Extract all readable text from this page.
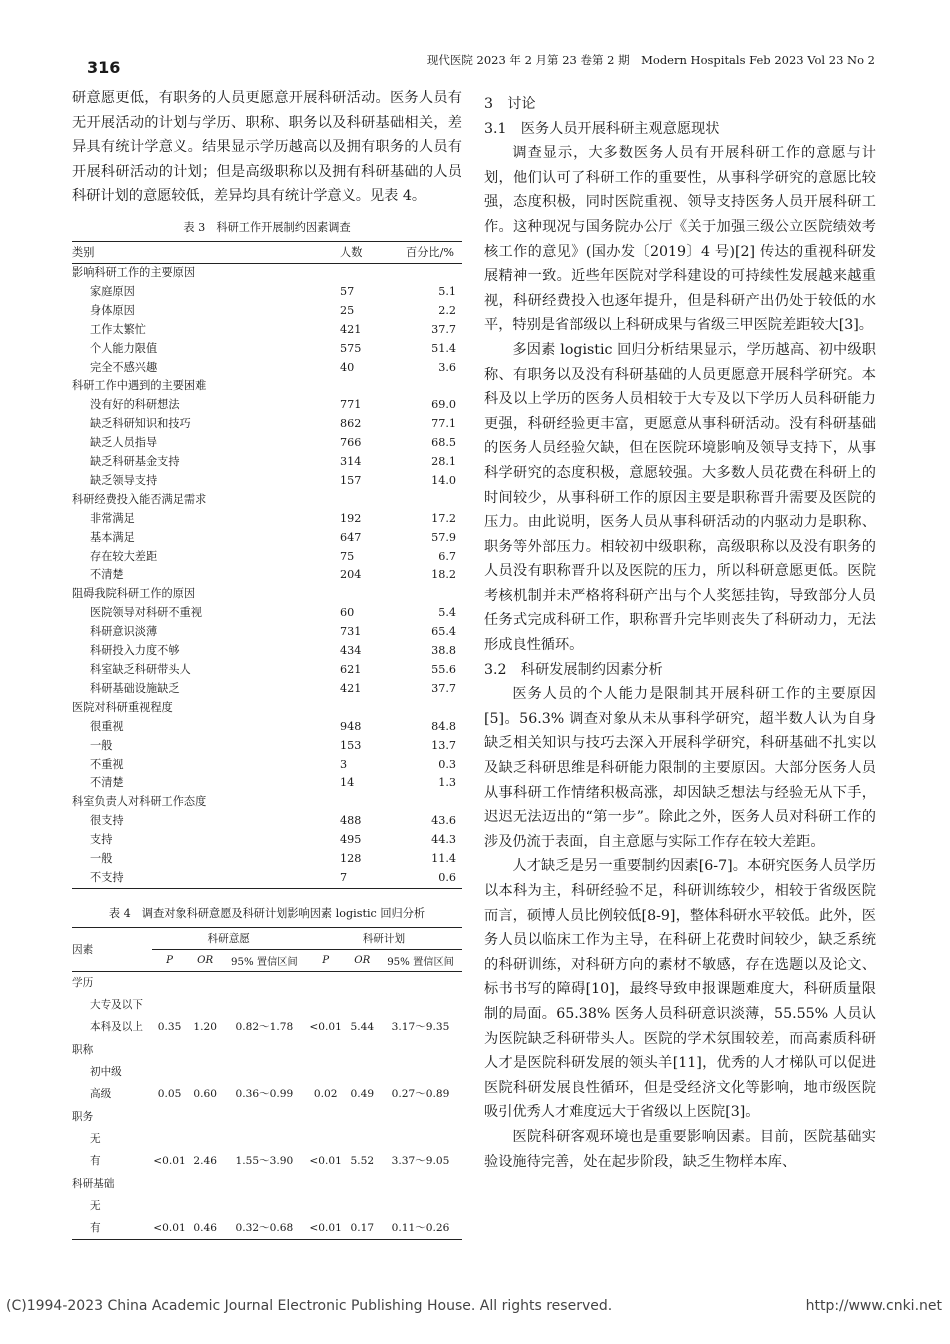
316	现代医院 2023 年 2 月第 23 卷第 2 期　Modern Hospitals Feb 2023 Vol 23 No 2

研意愿更低，有职务的人员更愿意开展科研活动。医务人员有无开展活动的计划与学历、职称、职务以及科研基础相关，差异具有统计学意义。结果显示学历越高以及拥有职务的人员有开展科研活动的计划；但是高级职称以及拥有科研基础的人员科研计划的意愿较低，差异均具有统计学意义。见表 4。

表 3　科研工作开展制约因素调查
类别	人数	百分比/%
影响科研工作的主要原因		
家庭原因	57	5.1
身体原因	25	2.2
工作太繁忙	421	37.7
个人能力限值	575	51.4
完全不感兴趣	40	3.6
科研工作中遇到的主要困难		
没有好的科研想法	771	69.0
缺乏科研知识和技巧	862	77.1
缺乏人员指导	766	68.5
缺乏科研基金支持	314	28.1
缺乏领导支持	157	14.0
科研经费投入能否满足需求		
非常满足	192	17.2
基本满足	647	57.9
存在较大差距	75	6.7
不清楚	204	18.2
阻碍我院科研工作的原因		
医院领导对科研不重视	60	5.4
科研意识淡薄	731	65.4
科研投入力度不够	434	38.8
科室缺乏科研带头人	621	55.6
科研基础设施缺乏	421	37.7
医院对科研重视程度		
很重视	948	84.8
一般	153	13.7
不重视	3	0.3
不清楚	14	1.3
科室负责人对科研工作态度		
很支持	488	43.6
支持	495	44.3
一般	128	11.4
不支持	7	0.6
表 4　调查对象科研意愿及科研计划影响因素 logistic 回归分析
因素	科研意愿			科研计划		
	P	OR	95% 置信区间	P	OR	95% 置信区间
学历						
大专及以下						
本科及以上	0.35	1.20	0.82～1.78	<0.01	5.44	3.17～9.35
职称						
初中级						
高级	0.05	0.60	0.36～0.99	0.02	0.49	0.27～0.89
职务						
无						
有	<0.01	2.46	1.55～3.90	<0.01	5.52	3.37～9.05
科研基础						
无						
有	<0.01	0.46	0.32～0.68	<0.01	0.17	0.11～0.26

3　讨论

3.1　医务人员开展科研主观意愿现状

调查显示，大多数医务人员有开展科研工作的意愿与计划，他们认可了科研工作的重要性，从事科学研究的意愿比较强，态度积极，同时医院重视、领导支持医务人员开展科研工作。这种现况与国务院办公厅《关于加强三级公立医院绩效考核工作的意见》(国办发〔2019〕4 号)[2] 传达的重视科研发展精神一致。近些年医院对学科建设的可持续性发展越来越重视，科研经费投入也逐年提升，但是科研产出仍处于较低的水平，特别是省部级以上科研成果与省级三甲医院差距较大[3]。

多因素 logistic 回归分析结果显示，学历越高、初中级职称、有职务以及没有科研基础的人员更愿意开展科学研究。本科及以上学历的医务人员相较于大专及以下学历人员科研能力更强，科研经验更丰富，更愿意从事科研活动。没有科研基础的医务人员经验欠缺，但在医院环境影响及领导支持下，从事科学研究的态度积极，意愿较强。大多数人员花费在科研上的时间较少，从事科研工作的原因主要是职称晋升需要及医院的压力。由此说明，医务人员从事科研活动的内驱动力是职称、职务等外部压力。相较初中级职称，高级职称以及没有职务的人员没有职称晋升以及医院的压力，所以科研意愿更低。医院考核机制并未严格将科研产出与个人奖惩挂钩，导致部分人员任务式完成科研工作，职称晋升完毕则丧失了科研动力，无法形成良性循环。

3.2　科研发展制约因素分析

医务人员的个人能力是限制其开展科研工作的主要原因[5]。56.3% 调查对象从未从事科学研究，超半数人认为自身缺乏相关知识与技巧去深入开展科学研究，科研基础不扎实以及缺乏科研思维是科研能力限制的主要原因。大部分医务人员从事科研工作情绪积极高涨，却因缺乏想法与经验无从下手，迟迟无法迈出的“第一步”。除此之外，医务人员对科研工作的涉及仍流于表面，自主意愿与实际工作存在较大差距。

人才缺乏是另一重要制约因素[6-7]。本研究医务人员学历以本科为主，科研经验不足，科研训练较少，相较于省级医院而言，硕博人员比例较低[8-9]，整体科研水平较低。此外，医务人员以临床工作为主导，在科研上花费时间较少，缺乏系统的科研训练，对科研方向的素材不敏感，存在选题以及论文、标书书写的障碍[10]，最终导致申报课题难度大，科研质量限制的局面。65.38% 医务人员科研意识淡薄，55.55% 人员认为医院缺乏科研带头人。医院的学术氛围较差，而高素质科研人才是医院科研发展的领头羊[11]，优秀的人才梯队可以促进医院科研发展良性循环，但是受经济文化等影响，地市级医院吸引优秀人才难度远大于省级以上医院[3]。

医院科研客观环境也是重要影响因素。目前，医院基础实验设施待完善，处在起步阶段，缺乏生物样本库、

(C)1994-2023 China Academic Journal Electronic Publishing House. All rights reserved.	http://www.cnki.net
